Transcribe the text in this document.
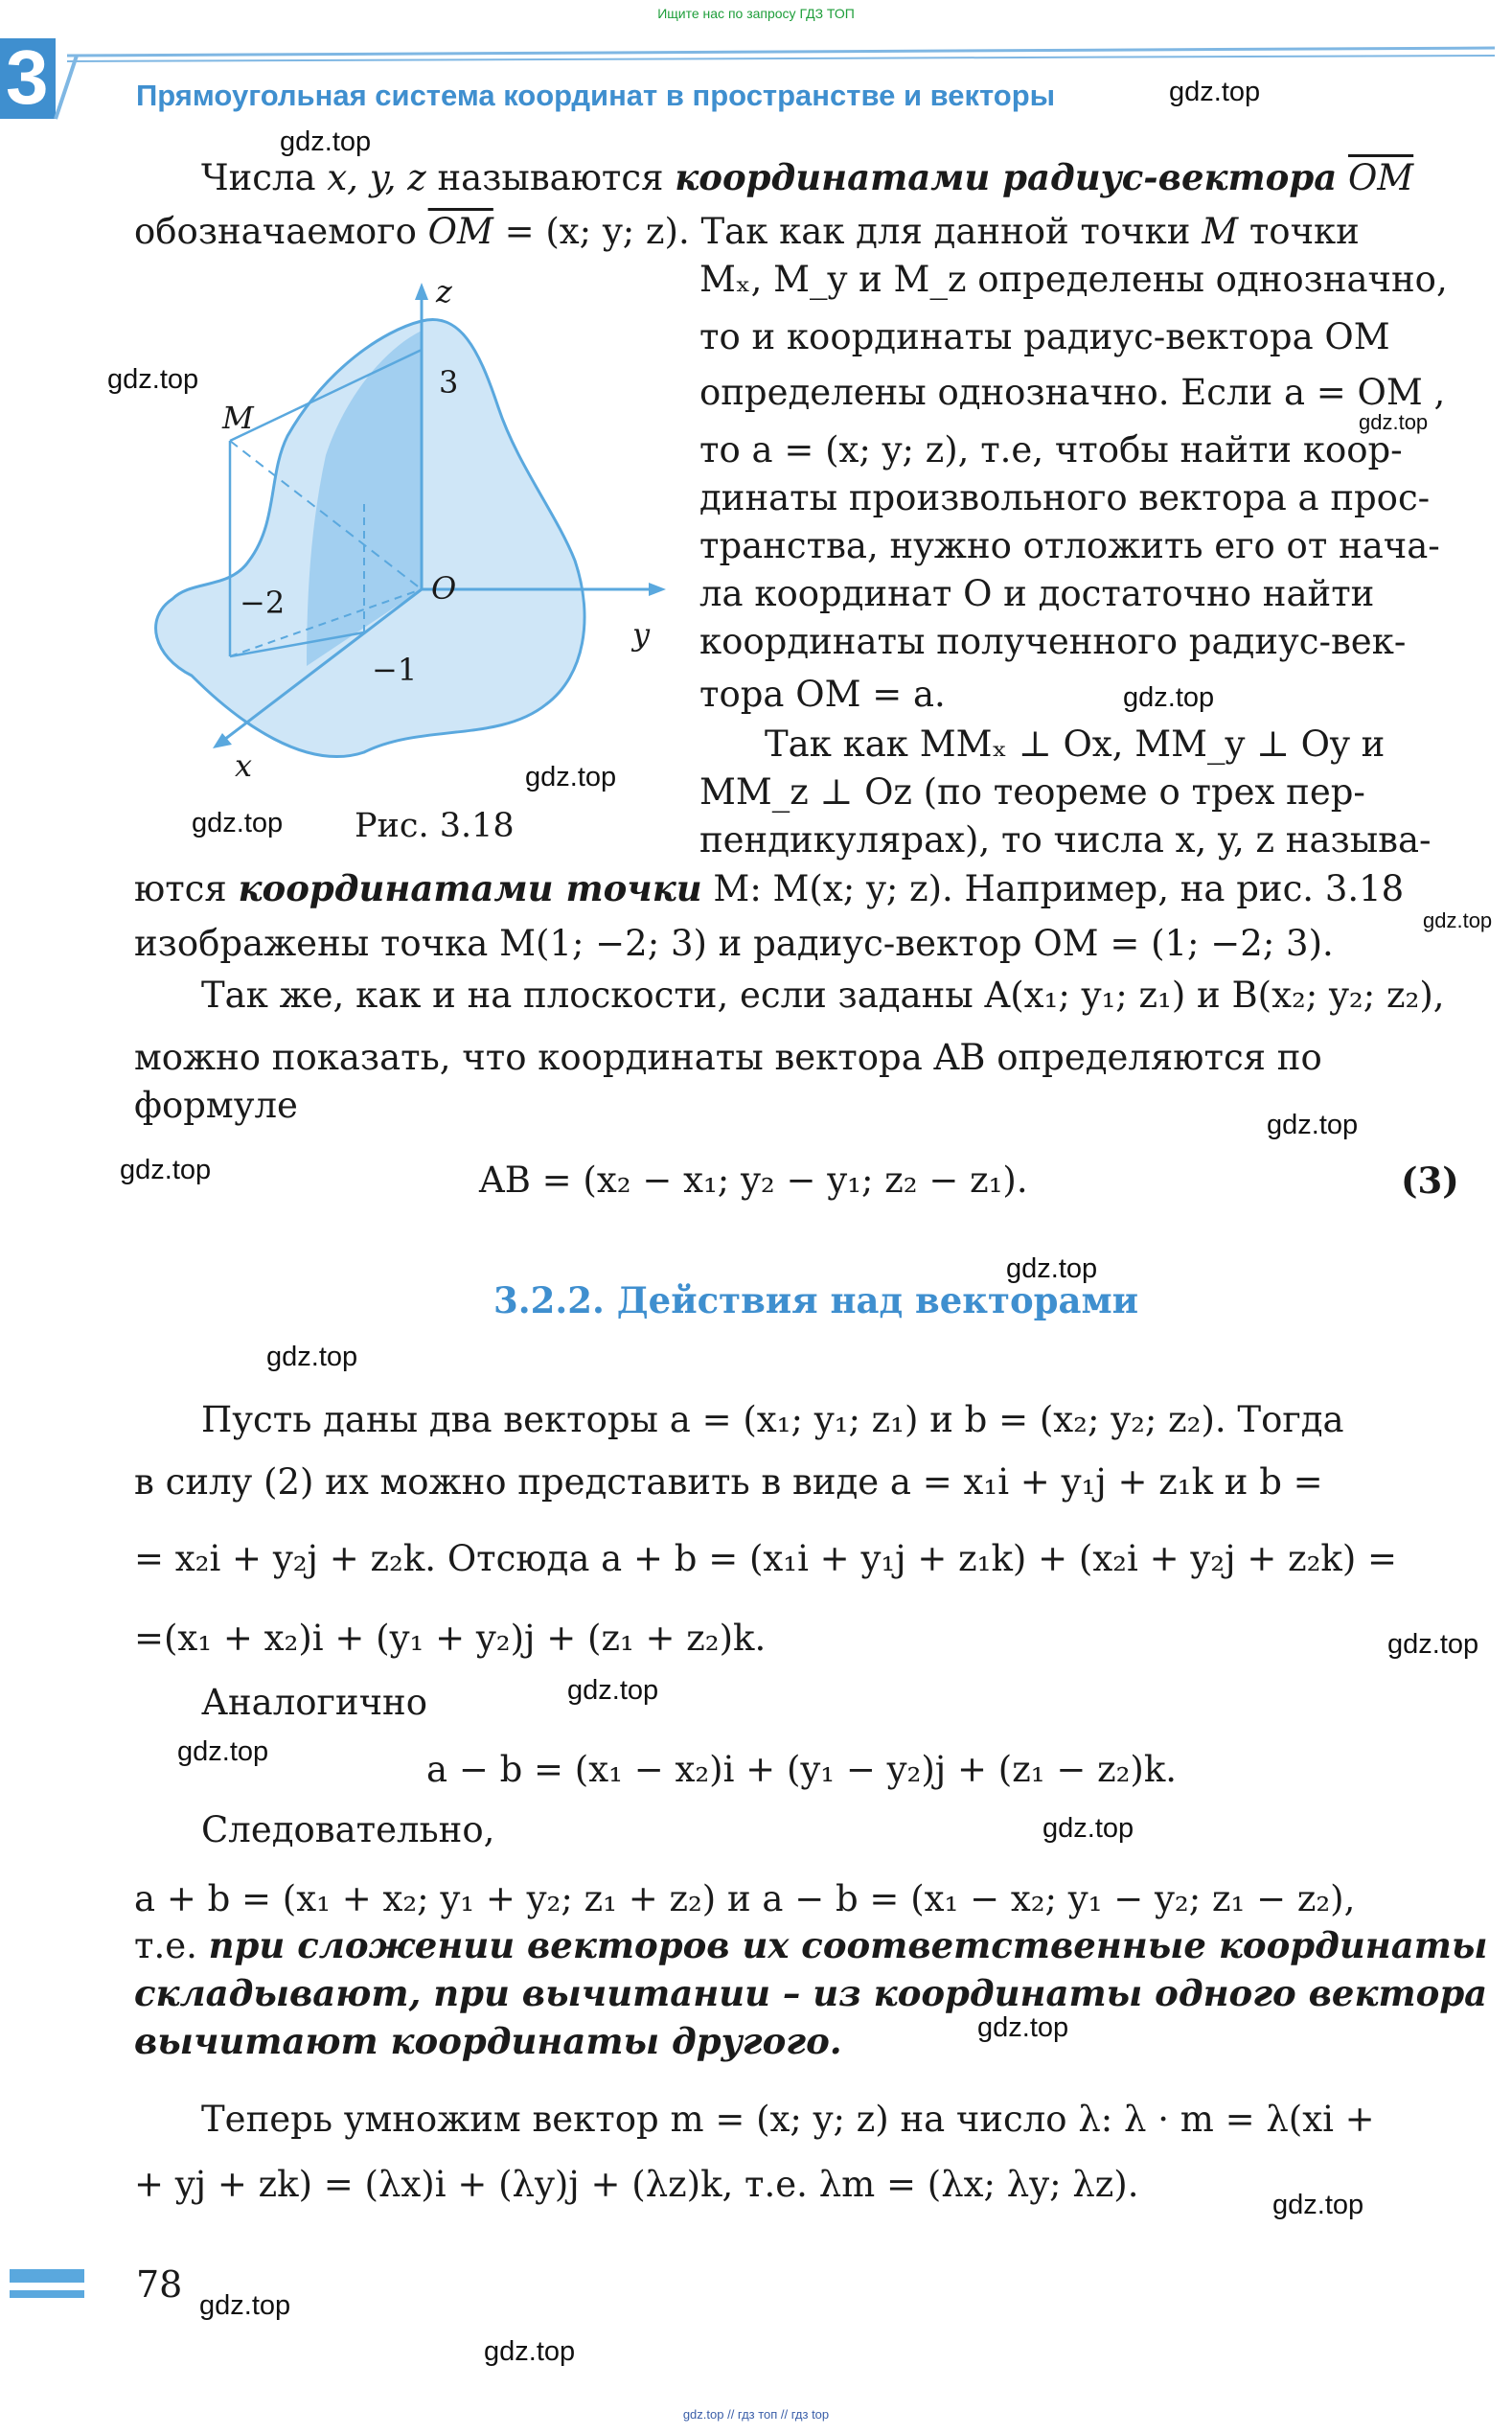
Ищите нас по запросу ГДЗ ТОП
3	Прямоугольная система координат в пространстве и векторы
Числа x, y, z называются координатами радиус-вектора $\overline{OM}$
обозначаемого $\overline{OM} = (x$; y; z). Так как для данной точки M точки
Mₓ, M_y и M_z определены однозначно,
то и координаты радиус-вектора OM
определены однозначно. Если a = OM ,
то a = (x; y; z), т.е, чтобы найти коор-
динаты произвольного вектора a прос-
транства, нужно отложить его от нача-
ла координат O и достаточно найти
координаты полученного радиус-век-
тора OM = a.
Так как MMₓ ⊥ Ox, MM_y ⊥ Oy и
MM_z ⊥ Oz (по теореме о трех пер-
пендикулярах), то числа x, y, z называ-
z
y
x
M
O
3
−2
−1
Рис. 3.18
ются координатами точки M: M(x; y; z). Например, на рис. 3.18
изображены точка M(1; −2; 3) и радиус-вектор OM = (1; −2; 3).
Так же, как и на плоскости, если заданы A(x₁; y₁; z₁) и B(x₂; y₂; z₂),
можно показать, что координаты вектора AB определяются по
формуле
AB = (x₂ − x₁; y₂ − y₁; z₂ − z₁).	(3)
3.2.2. Действия над векторами
Пусть даны два векторы a = (x₁; y₁; z₁) и b = (x₂; y₂; z₂). Тогда
в силу (2) их можно представить в виде a = x₁i + y₁j + z₁k и b =
= x₂i + y₂j + z₂k. Отсюда a + b = (x₁i + y₁j + z₁k) + (x₂i + y₂j + z₂k) =
=(x₁ + x₂)i + (y₁ + y₂)j + (z₁ + z₂)k.
Аналогично
a − b = (x₁ − x₂)i + (y₁ − y₂)j + (z₁ − z₂)k.
Следовательно,
a + b = (x₁ + x₂; y₁ + y₂; z₁ + z₂) и a − b = (x₁ − x₂; y₁ − y₂; z₁ − z₂),
т.е. при сложении векторов их соответственные координаты
складывают, при вычитании – из координаты одного вектора
вычитают координаты другого.
Теперь умножим вектор m = (x; y; z) на число λ: λ · m = λ(xi +
+ yj + zk) = (λx)i + (λy)j + (λz)k, т.е. λm = (λx; λy; λz).
78
gdz.top
gdz.top
gdz.top
gdz.top
gdz.top
gdz.top
gdz.top
gdz.top
gdz.top
gdz.top
gdz.top
gdz.top
gdz.top
gdz.top
gdz.top
gdz.top
gdz.top
gdz.top
gdz.top
gdz.top
gdz.top // гдз топ // гдз top
